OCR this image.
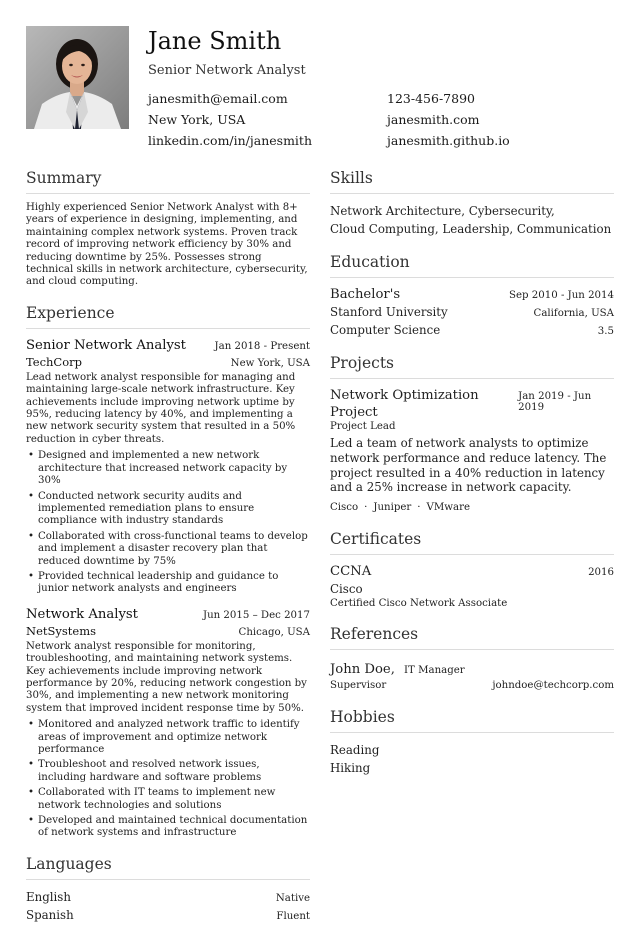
Jane Smith
Senior Network Analyst
janesmith@email.com	123-456-7890
New York, USA	janesmith.com
linkedin.com/in/janesmith	janesmith.github.io
Summary
Highly experienced Senior Network Analyst with 8+ years of experience in designing, implementing, and maintaining complex network systems. Proven track record of improving network efficiency by 30% and reducing downtime by 25%. Possesses strong technical skills in network architecture, cybersecurity, and cloud computing.
Experience
Senior Network Analyst	Jan 2018 - Present
TechCorp	New York, USA
Lead network analyst responsible for managing and maintaining large-scale network infrastructure. Key achievements include improving network uptime by 95%, reducing latency by 40%, and implementing a new network security system that resulted in a 50% reduction in cyber threats.
• Designed and implemented a new network architecture that increased network capacity by 30%
• Conducted network security audits and implemented remediation plans to ensure compliance with industry standards
• Collaborated with cross-functional teams to develop and implement a disaster recovery plan that reduced downtime by 75%
• Provided technical leadership and guidance to junior network analysts and engineers
Network Analyst	Jun 2015 – Dec 2017
NetSystems	Chicago, USA
Network analyst responsible for monitoring, troubleshooting, and maintaining network systems. Key achievements include improving network performance by 20%, reducing network congestion by 30%, and implementing a new network monitoring system that improved incident response time by 50%.
• Monitored and analyzed network traffic to identify areas of improvement and optimize network performance
• Troubleshoot and resolved network issues, including hardware and software problems
• Collaborated with IT teams to implement new network technologies and solutions
• Developed and maintained technical documentation of network systems and infrastructure
Languages
English	Native
Spanish	Fluent
Skills
Network Architecture, Cybersecurity,
Cloud Computing, Leadership, Communication
Education
Bachelor's	Sep 2010 - Jun 2014
Stanford University	California, USA
Computer Science	3.5
Projects
Network Optimization Project
Jan 2019 - Jun 2019
Project Lead
Led a team of network analysts to optimize network performance and reduce latency. The project resulted in a 40% reduction in latency and a 25% increase in network capacity.
Cisco · Juniper · VMware
Certificates
CCNA	2016
Cisco
Certified Cisco Network Associate
References
John Doe, IT Manager
Supervisor	johndoe@techcorp.com
Hobbies
Reading
Hiking
